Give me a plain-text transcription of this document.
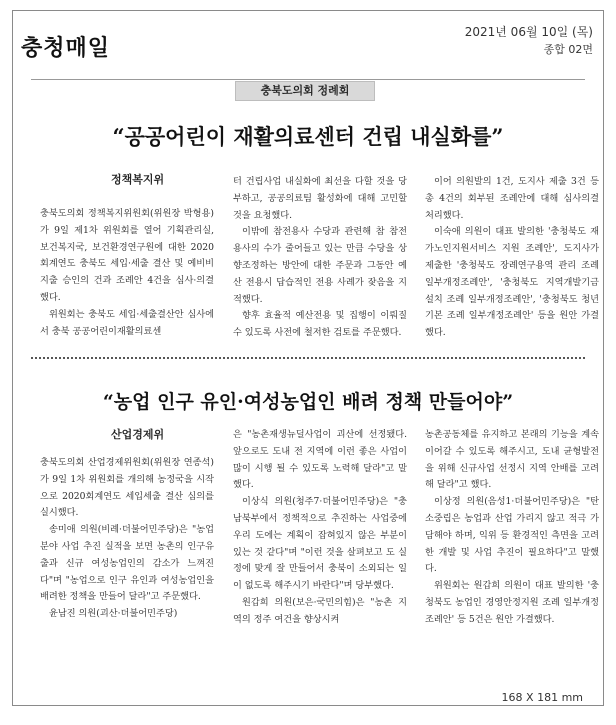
충청매일
2021년 06월 10일 (목)
종합 02면
충북도의회 정례회
“공공어린이 재활의료센터 건립 내실화를”
정책복지위

충북도의회 정책복지위원회(위원장 박형용)가 9일 제1차 위원회를 열어 기획관리실, 보건복지국, 보건환경연구원에 대한 2020회계연도 충북도 세입·세출 결산 및 예비비 지출 승인의 건과 조례안 4건을 심사·의결했다.

위원회는 충북도 세입·세출결산안 심사에서 충북 공공어린이재활의료센

터 건립사업 내실화에 최선을 다할 것을 당부하고, 공공의료팀 활성화에 대해 고민할 것을 요청했다.

이밖에 참전용사 수당과 관련해 참 참전용사의 수가 줄어들고 있는 만큼 수당을 상향조정하는 방안에 대한 주문과 그동안 예산 전용시 답습적인 전용 사례가 잦음을 지적했다.

향후 효율적 예산전용 및 집행이 이뤄질 수 있도록 사전에 철저한 검토를 주문했다.

이어 의원발의 1건, 도지사 제출 3건 등 총 4건의 회부된 조례안에 대해 심사의결 처리했다.

이숙애 의원이 대표 발의한 '충청북도 재가노인지원서비스 지원 조례안', 도지사가 제출한 '충청북도 장례연구용역 관리 조례 일부개정조례안', '충청북도 지역개발기금 설치 조례 일부개정조례안', '충청북도 청년기본 조례 일부개정조례안' 등을 원안 가결했다.

“농업 인구 유인·여성농업인 배려 정책 만들어야”
산업경제위

충북도의회 산업경제위원회(위원장 연종석)가 9일 1차 위원회를 개의해 농정국을 시작으로 2020회계연도 세입세출 결산 심의를 실시했다.

송미애 의원(비례·더불어민주당)은 "농업분야 사업 추진 실적을 보면 농촌의 인구유출과 신규 여성농업인의 감소가 느껴진다"며 "농업으로 인구 유인과 여성농업인을 배려한 정책을 만들어 달라"고 주문했다.

윤남진 의원(괴산·더불어민주당)

은 "농촌재생뉴딜사업이 괴산에 선정됐다. 앞으로도 도내 전 지역에 이런 좋은 사업이 많이 시행 될 수 있도록 노력해 달라"고 말했다.

이상식 의원(청주7·더불어민주당)은 "충남북부에서 정책적으로 추진하는 사업중에 우리 도에는 계획이 잡혀있지 않은 부분이 있는 것 같다"며 "이런 것을 살펴보고 도 실정에 맞게 잘 만들어서 충북이 소외되는 일이 없도록 해주시기 바란다"며 당부했다.

원갑희 의원(보은·국민의힘)은 "농촌 지역의 정주 여건을 향상시켜

농촌공동체를 유지하고 본래의 기능을 계속 이어갈 수 있도록 해주시고, 도내 균형발전을 위해 신규사업 선정시 지역 안배를 고려해 달라"고 했다.

이상정 의원(음성1·더불어민주당)은 "탄소중립은 농업과 산업 가리지 않고 적극 가담해야 하며, 익위 등 환경적인 측면을 고려한 개발 및 사업 추진이 필요하다"고 말했다.

위원회는 원갑희 의원이 대표 발의한 '충청북도 농업인 경영안정지원 조례 일부개정조례안' 등 5건은 원안 가결했다.

168 X 181 mm
